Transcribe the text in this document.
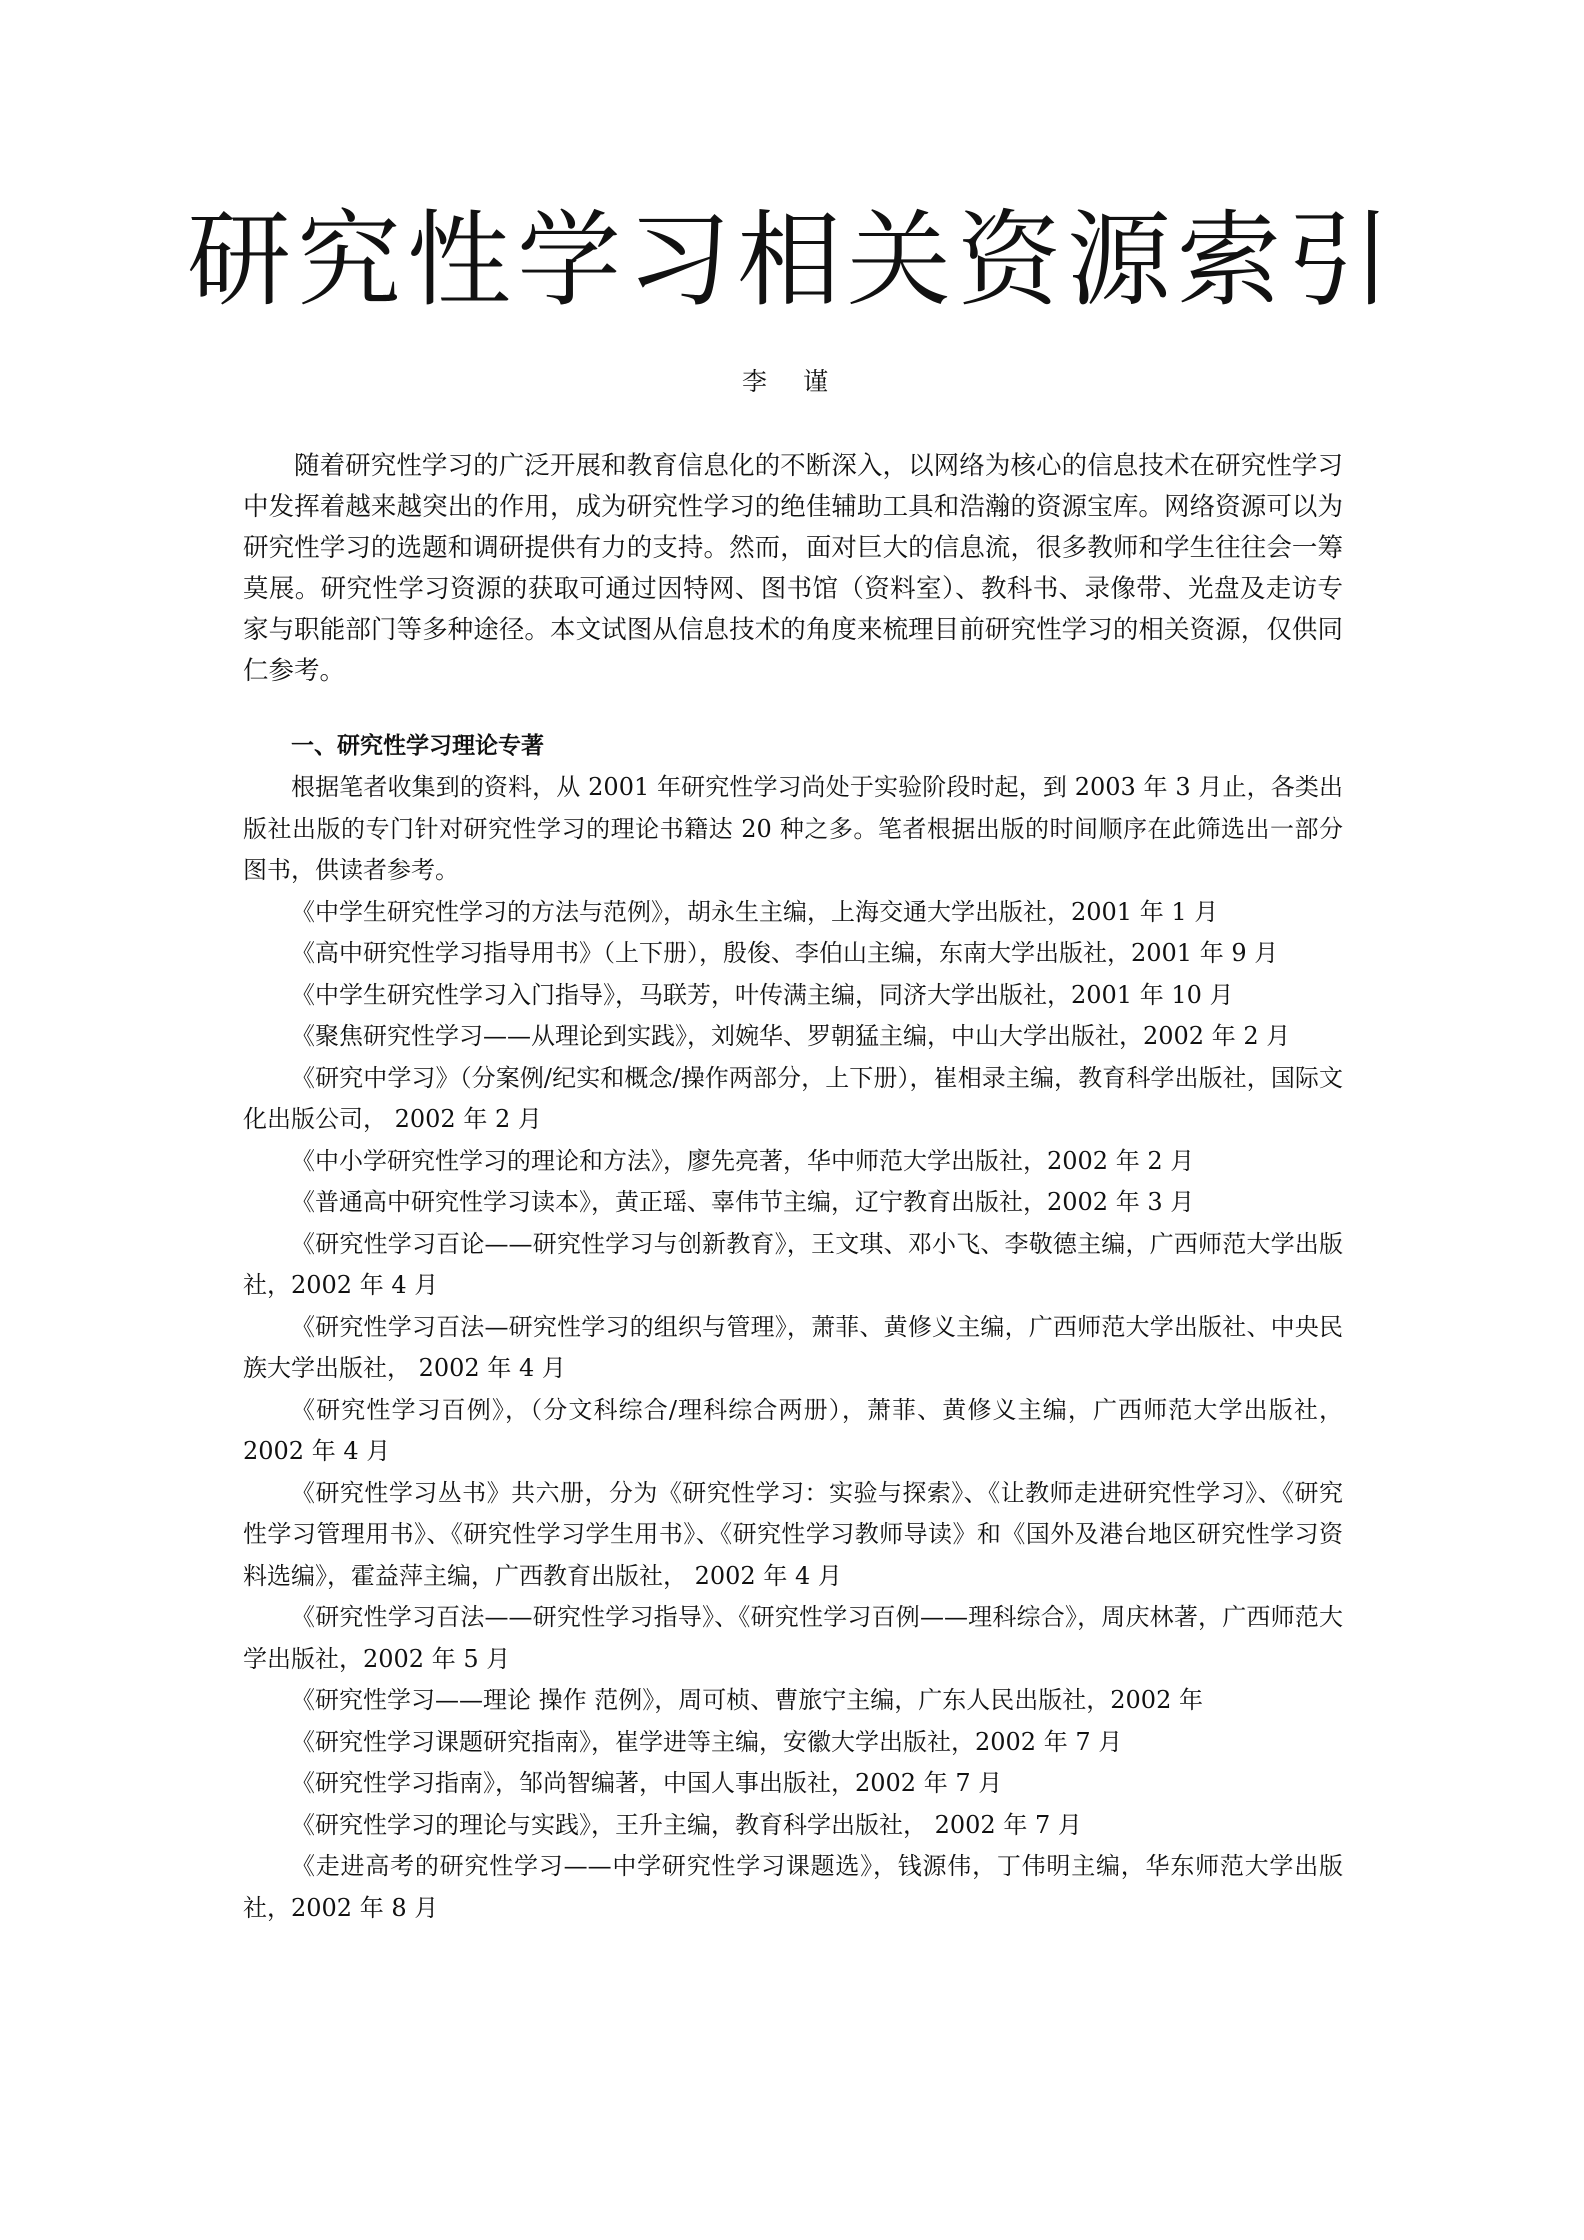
研究性学习相关资源索引
李 谨

随着研究性学习的广泛开展和教育信息化的不断深入，以网络为核心的信息技术在研究性学习中发挥着越来越突出的作用，成为研究性学习的绝佳辅助工具和浩瀚的资源宝库。网络资源可以为研究性学习的选题和调研提供有力的支持。然而，面对巨大的信息流，很多教师和学生往往会一筹莫展。研究性学习资源的获取可通过因特网、图书馆（资料室）、教科书、录像带、光盘及走访专家与职能部门等多种途径。本文试图从信息技术的角度来梳理目前研究性学习的相关资源，仅供同仁参考。

一、研究性学习理论专著

根据笔者收集到的资料，从 2001 年研究性学习尚处于实验阶段时起，到 2003 年 3 月止，各类出版社出版的专门针对研究性学习的理论书籍达 20 种之多。笔者根据出版的时间顺序在此筛选出一部分图书，供读者参考。

《中学生研究性学习的方法与范例》，胡永生主编，上海交通大学出版社，2001 年 1 月
《高中研究性学习指导用书》（上下册），殷俊、李伯山主编，东南大学出版社，2001 年 9 月
《中学生研究性学习入门指导》，马联芳，叶传满主编，同济大学出版社，2001 年 10 月
《聚焦研究性学习——从理论到实践》，刘婉华、罗朝猛主编，中山大学出版社，2002 年 2 月
《研究中学习》（分案例/纪实和概念/操作两部分，上下册），崔相录主编，教育科学出版社，国际文化出版公司， 2002 年 2 月
《中小学研究性学习的理论和方法》，廖先亮著，华中师范大学出版社，2002 年 2 月
《普通高中研究性学习读本》，黄正瑶、辜伟节主编，辽宁教育出版社，2002 年 3 月
《研究性学习百论——研究性学习与创新教育》，王文琪、邓小飞、李敬德主编，广西师范大学出版社，2002 年 4 月
《研究性学习百法—研究性学习的组织与管理》，萧菲、黄修义主编，广西师范大学出版社、中央民族大学出版社， 2002 年 4 月
《研究性学习百例》，（分文科综合/理科综合两册），萧菲、黄修义主编，广西师范大学出版社， 2002 年 4 月
《研究性学习丛书》共六册，分为《研究性学习：实验与探索》、《让教师走进研究性学习》、《研究性学习管理用书》、《研究性学习学生用书》、《研究性学习教师导读》和《国外及港台地区研究性学习资料选编》，霍益萍主编，广西教育出版社， 2002 年 4 月
《研究性学习百法——研究性学习指导》、《研究性学习百例——理科综合》，周庆林著，广西师范大学出版社，2002 年 5 月
《研究性学习——理论 操作 范例》，周可桢、曹旅宁主编，广东人民出版社，2002 年
《研究性学习课题研究指南》，崔学进等主编，安徽大学出版社，2002 年 7 月
《研究性学习指南》，邹尚智编著，中国人事出版社，2002 年 7 月
《研究性学习的理论与实践》，王升主编，教育科学出版社， 2002 年 7 月
《走进高考的研究性学习——中学研究性学习课题选》，钱源伟，丁伟明主编，华东师范大学出版社，2002 年 8 月
